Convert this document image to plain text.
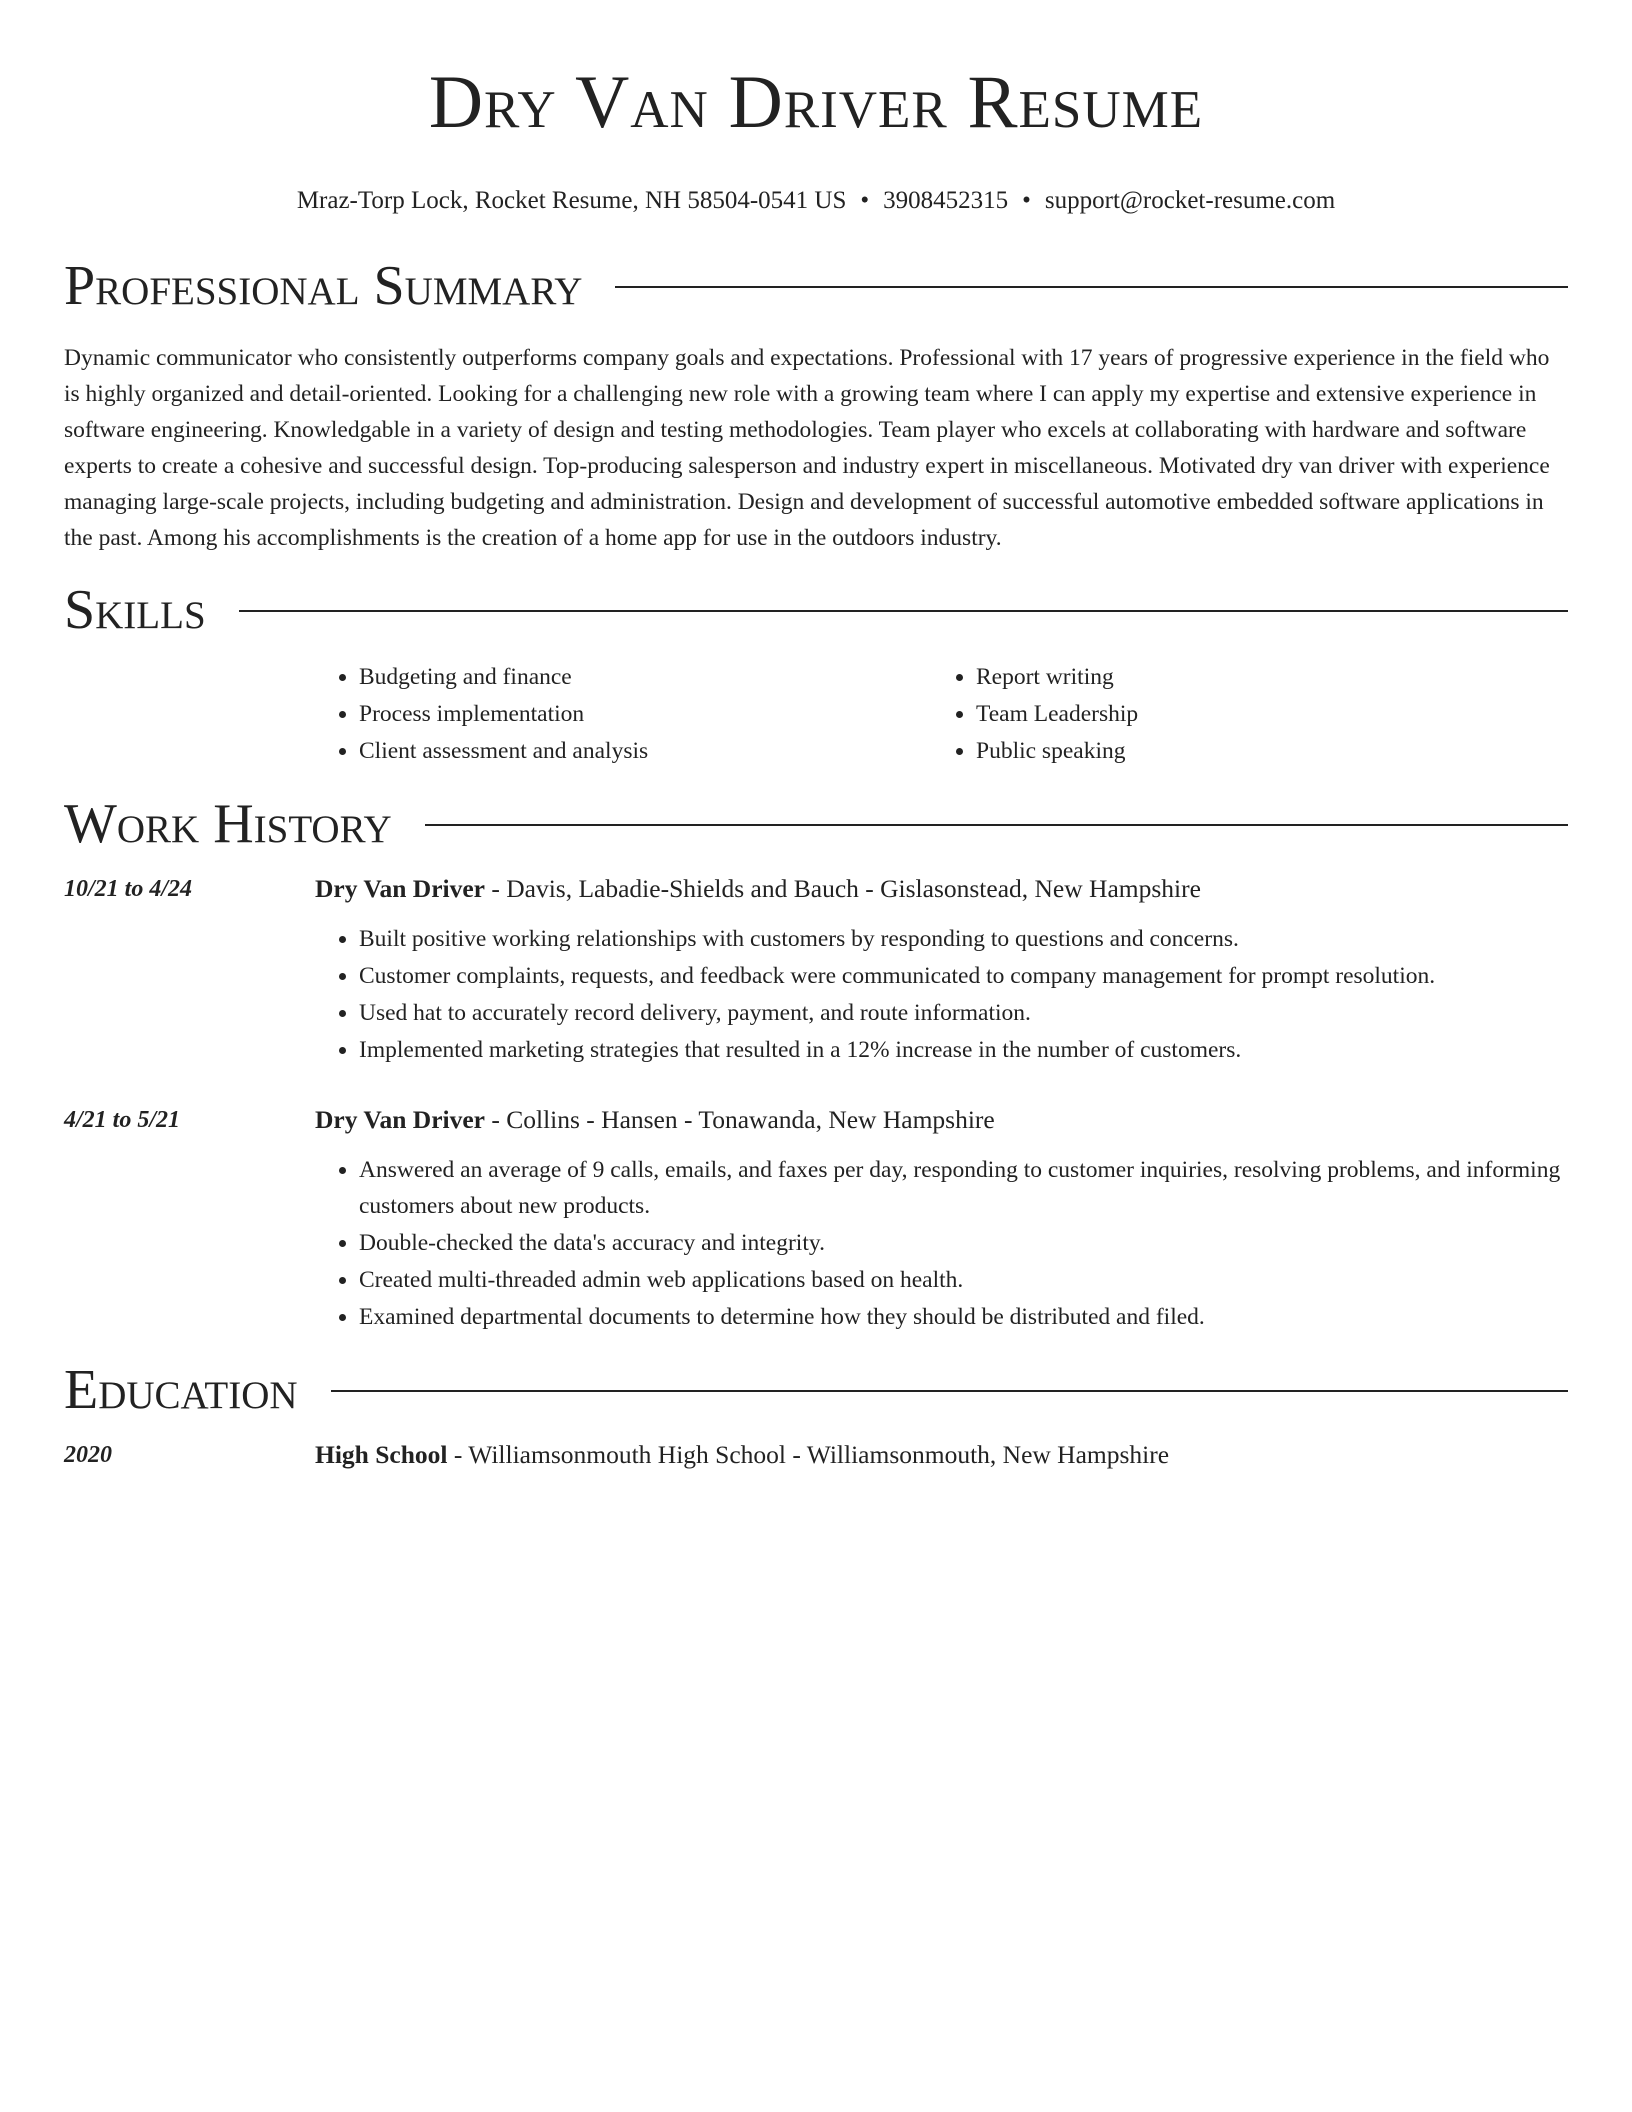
Dry Van Driver Resume
Mraz-Torp Lock, Rocket Resume, NH 58504-0541 US • 3908452315 • support@rocket-resume.com
Professional Summary

Dynamic communicator who consistently outperforms company goals and expectations. Professional with 17 years of progressive experience in the field who is highly organized and detail-oriented. Looking for a challenging new role with a growing team where I can apply my expertise and extensive experience in software engineering. Knowledgable in a variety of design and testing methodologies. Team player who excels at collaborating with hardware and software experts to create a cohesive and successful design. Top-producing salesperson and industry expert in miscellaneous. Motivated dry van driver with experience managing large-scale projects, including budgeting and administration. Design and development of successful automotive embedded software applications in the past. Among his accomplishments is the creation of a home app for use in the outdoors industry.

Skills
• Budgeting and finance
• Process implementation
• Client assessment and analysis
• Report writing
• Team Leadership
• Public speaking
Work History
10/21 to 4/24	Dry Van Driver - Davis, Labadie-Shields and Bauch - Gislasonstead, New Hampshire
• Built positive working relationships with customers by responding to questions and concerns.
• Customer complaints, requests, and feedback were communicated to company management for prompt resolution.
• Used hat to accurately record delivery, payment, and route information.
• Implemented marketing strategies that resulted in a 12% increase in the number of customers.
4/21 to 5/21	Dry Van Driver - Collins - Hansen - Tonawanda, New Hampshire
• Answered an average of 9 calls, emails, and faxes per day, responding to customer inquiries, resolving problems, and informing customers about new products.
• Double-checked the data's accuracy and integrity.
• Created multi-threaded admin web applications based on health.
• Examined departmental documents to determine how they should be distributed and filed.
Education
2020	High School - Williamsonmouth High School - Williamsonmouth, New Hampshire
